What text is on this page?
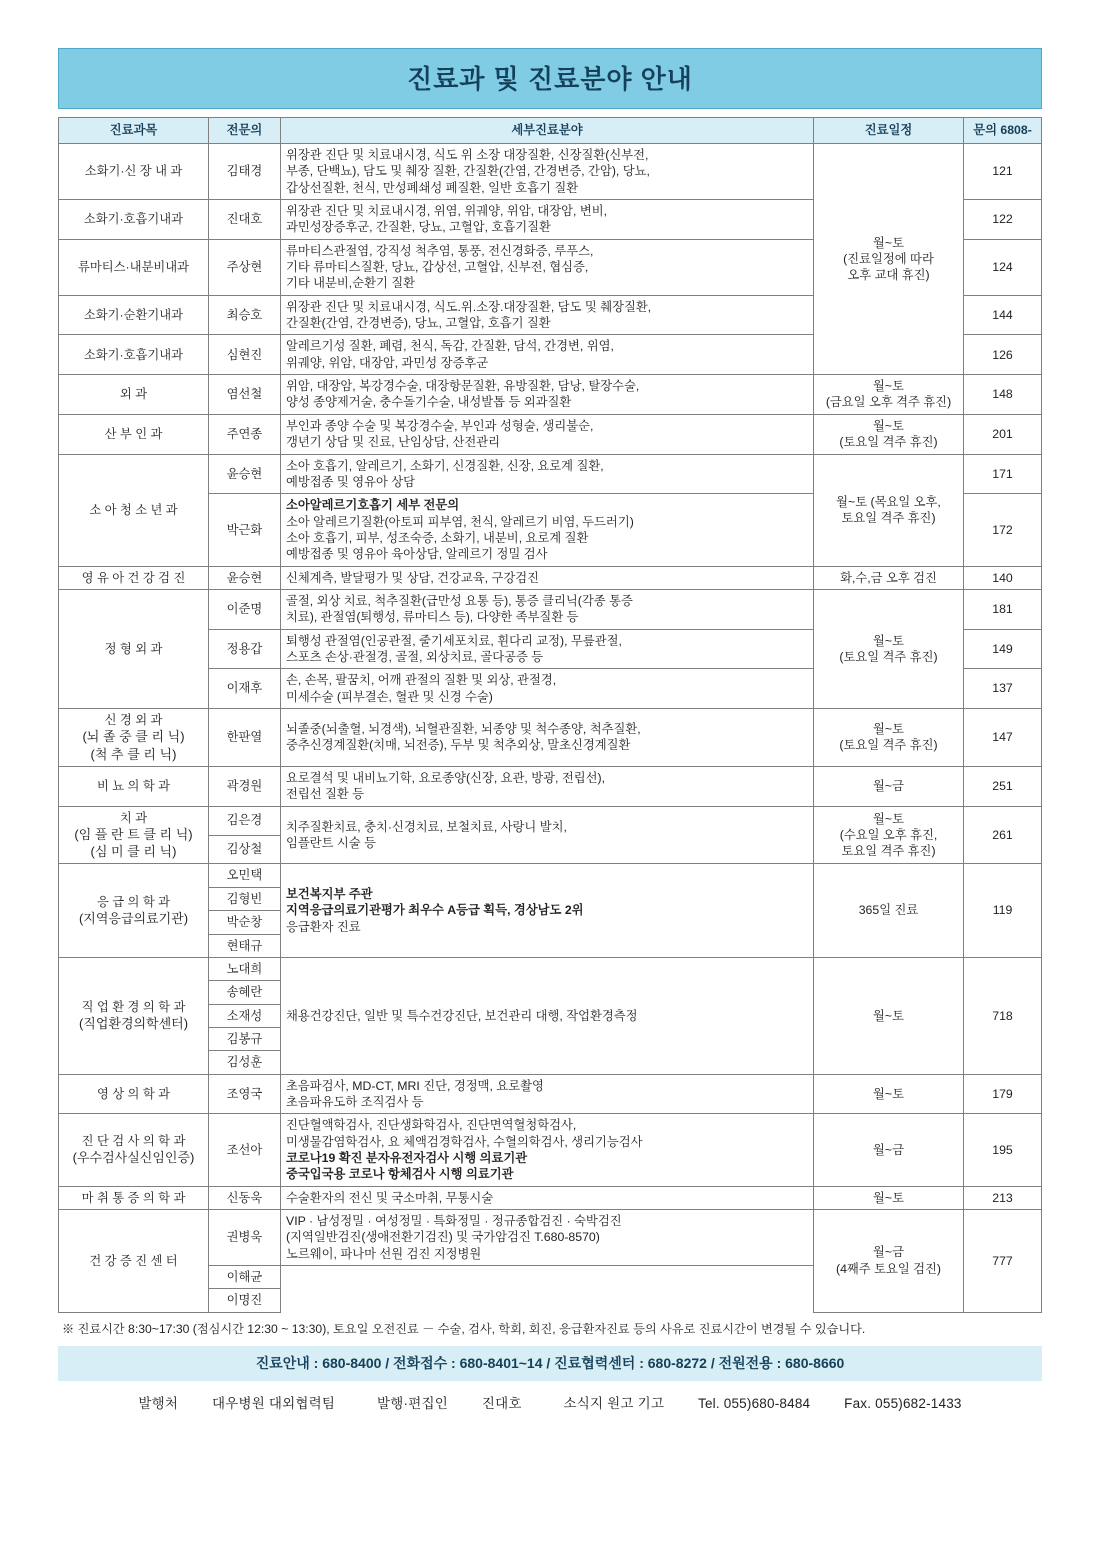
진료과 및 진료분야 안내
진료과목	전문의	세부진료분야	진료일정	문의 6808-

소화기·신 장 내 과	김태경	위장관 진단 및 치료내시경, 식도 위 소장 대장질환, 신장질환(신부전,
부종, 단백뇨), 담도 및 췌장 질환, 간질환(간염, 간경변증, 간암), 당뇨,
갑상선질환, 천식, 만성폐쇄성 폐질환, 일반 호흡기 질환	월~토
(진료일정에 따라
오후 교대 휴진)	121

소화기·호흡기내과	진대호	위장관 진단 및 치료내시경, 위염, 위궤양, 위암, 대장암, 변비,
과민성장증후군, 간질환, 당뇨, 고혈압, 호흡기질환		122

류마티스·내분비내과	주상현	류마티스관절염, 강직성 척추염, 통풍, 전신경화증, 루푸스,
기타 류마티스질환, 당뇨, 갑상선, 고혈압, 신부전, 협심증,
기타 내분비,순환기 질환		124

소화기·순환기내과	최승호	위장관 진단 및 치료내시경, 식도.위.소장.대장질환, 담도 및 췌장질환,
간질환(간염, 간경변증), 당뇨, 고혈압, 호흡기 질환		144

소화기·호흡기내과	심현진	알레르기성 질환, 폐렴, 천식, 독감, 간질환, 담석, 간경변, 위염,
위궤양, 위암, 대장암, 과민성 장증후군		126

외 과	염선철	위암, 대장암, 복강경수술, 대장항문질환, 유방질환, 담낭, 탈장수술,
양성 종양제거술, 충수돌기수술, 내성발톱 등 외과질환	월~토
(금요일 오후 격주 휴진)	148

산 부 인 과	주연종	부인과 종양 수술 및 복강경수술, 부인과 성형술, 생리불순,
갱년기 상담 및 진료, 난임상담, 산전관리	월~토
(토요일 격주 휴진)	201

소 아 청 소 년 과	윤승현	소아 호흡기, 알레르기, 소화기, 신경질환, 신장, 요로계 질환,
예방접종 및 영유아 상담	월~토 (목요일 오후,
토요일 격주 휴진)	171
	박근화	소아알레르기호흡기 세부 전문의
소아 알레르기질환(아토피 피부염, 천식, 알레르기 비염, 두드러기)
소아 호흡기, 피부, 성조숙증, 소화기, 내분비, 요로계 질환
예방접종 및 영유아 육아상담, 알레르기 정밀 검사		172

영 유 아 건 강 검 진	윤승현	신체계측, 발달평가 및 상담, 건강교육, 구강검진	화,수,금 오후 검진	140

정 형 외 과	이준명	골절, 외상 치료, 척추질환(급만성 요통 등), 통증 클리닉(각종 통증
치료), 관절염(퇴행성, 류마티스 등), 다양한 족부질환 등	월~토
(토요일 격주 휴진)	181
	정용갑	퇴행성 관절염(인공관절, 줄기세포치료, 휜다리 교정), 무릎관절,
스포츠 손상·관절경, 골절, 외상치료, 골다공증 등		149
	이재후	손, 손목, 팔꿈치, 어깨 관절의 질환 및 외상, 관절경,
미세수술 (피부결손, 혈관 및 신경 수술)		137

신 경 외 과
(뇌 졸 중 클 리 닉)
(척 추 클 리 닉)	한판열	뇌졸중(뇌출혈, 뇌경색), 뇌혈관질환, 뇌종양 및 척수종양, 척추질환,
중추신경계질환(치매, 뇌전증), 두부 및 척추외상, 말초신경계질환	월~토
(토요일 격주 휴진)	147

비 뇨 의 학 과	곽경원	요로결석 및 내비뇨기학, 요로종양(신장, 요관, 방광, 전립선),
전립선 질환 등	월~금	251

치 과
(임 플 란 트 클 리 닉)
(심 미 클 리 닉)	김은경	치주질환치료, 충치·신경치료, 보철치료, 사랑니 발치,
임플란트 시술 등	월~토
(수요일 오후 휴진,
토요일 격주 휴진)	261
	김상철			

응 급 의 학 과
(지역응급의료기관)	오민택	보건복지부 주관
지역응급의료기관평가 최우수 A등급 획득, 경상남도 2위
응급환자 진료	365일 진료	119
	김형빈			
	박순창			
	현태규			

직 업 환 경 의 학 과
(직업환경의학센터)	노대희	채용건강진단, 일반 및 특수건강진단, 보건관리 대행, 작업환경측정	월~토	718
	송혜란			
	소재성			
	김봉규			
	김성훈			

영 상 의 학 과	조영국	초음파검사, MD-CT, MRI 진단, 경정맥, 요로촬영
초음파유도하 조직검사 등	월~토	179

진 단 검 사 의 학 과
(우수검사실신임인증)	조선아	진단혈액학검사, 진단생화학검사, 진단면역혈청학검사,
미생물감염학검사, 요 체액검경학검사, 수혈의학검사, 생리기능검사
코로나19 확진 분자유전자검사 시행 의료기관
중국입국용 코로나 항체검사 시행 의료기관	월~금	195

마 취 통 증 의 학 과	신동욱	수술환자의 전신 및 국소마취, 무통시술	월~토	213

건 강 증 진 센 터	권병욱	VIP · 남성정밀 · 여성정밀 · 특화정밀 · 정규종합검진 · 숙박검진
(지역일반검진(생애전환기검진) 및 국가암검진 T.680-8570)
노르웨이, 파나마 선원 검진 지정병원	월~금
(4째주 토요일 검진)	777
	이해균			
	이명진			
※ 진료시간 8:30~17:30 (점심시간 12:30 ~ 13:30), 토요일 오전진료 － 수술, 검사, 학회, 회진, 응급환자진료 등의 사유로 진료시간이 변경될 수 있습니다.
진료안내 : 680-8400 / 전화접수 : 680-8401~14 / 진료협력센터 : 680-8272 / 전원전용 : 680-8660
발행처	대우병원 대외협력팀	발행·편집인	진대호	소식지 원고 기고	Tel. 055)680-8484	Fax. 055)682-1433
